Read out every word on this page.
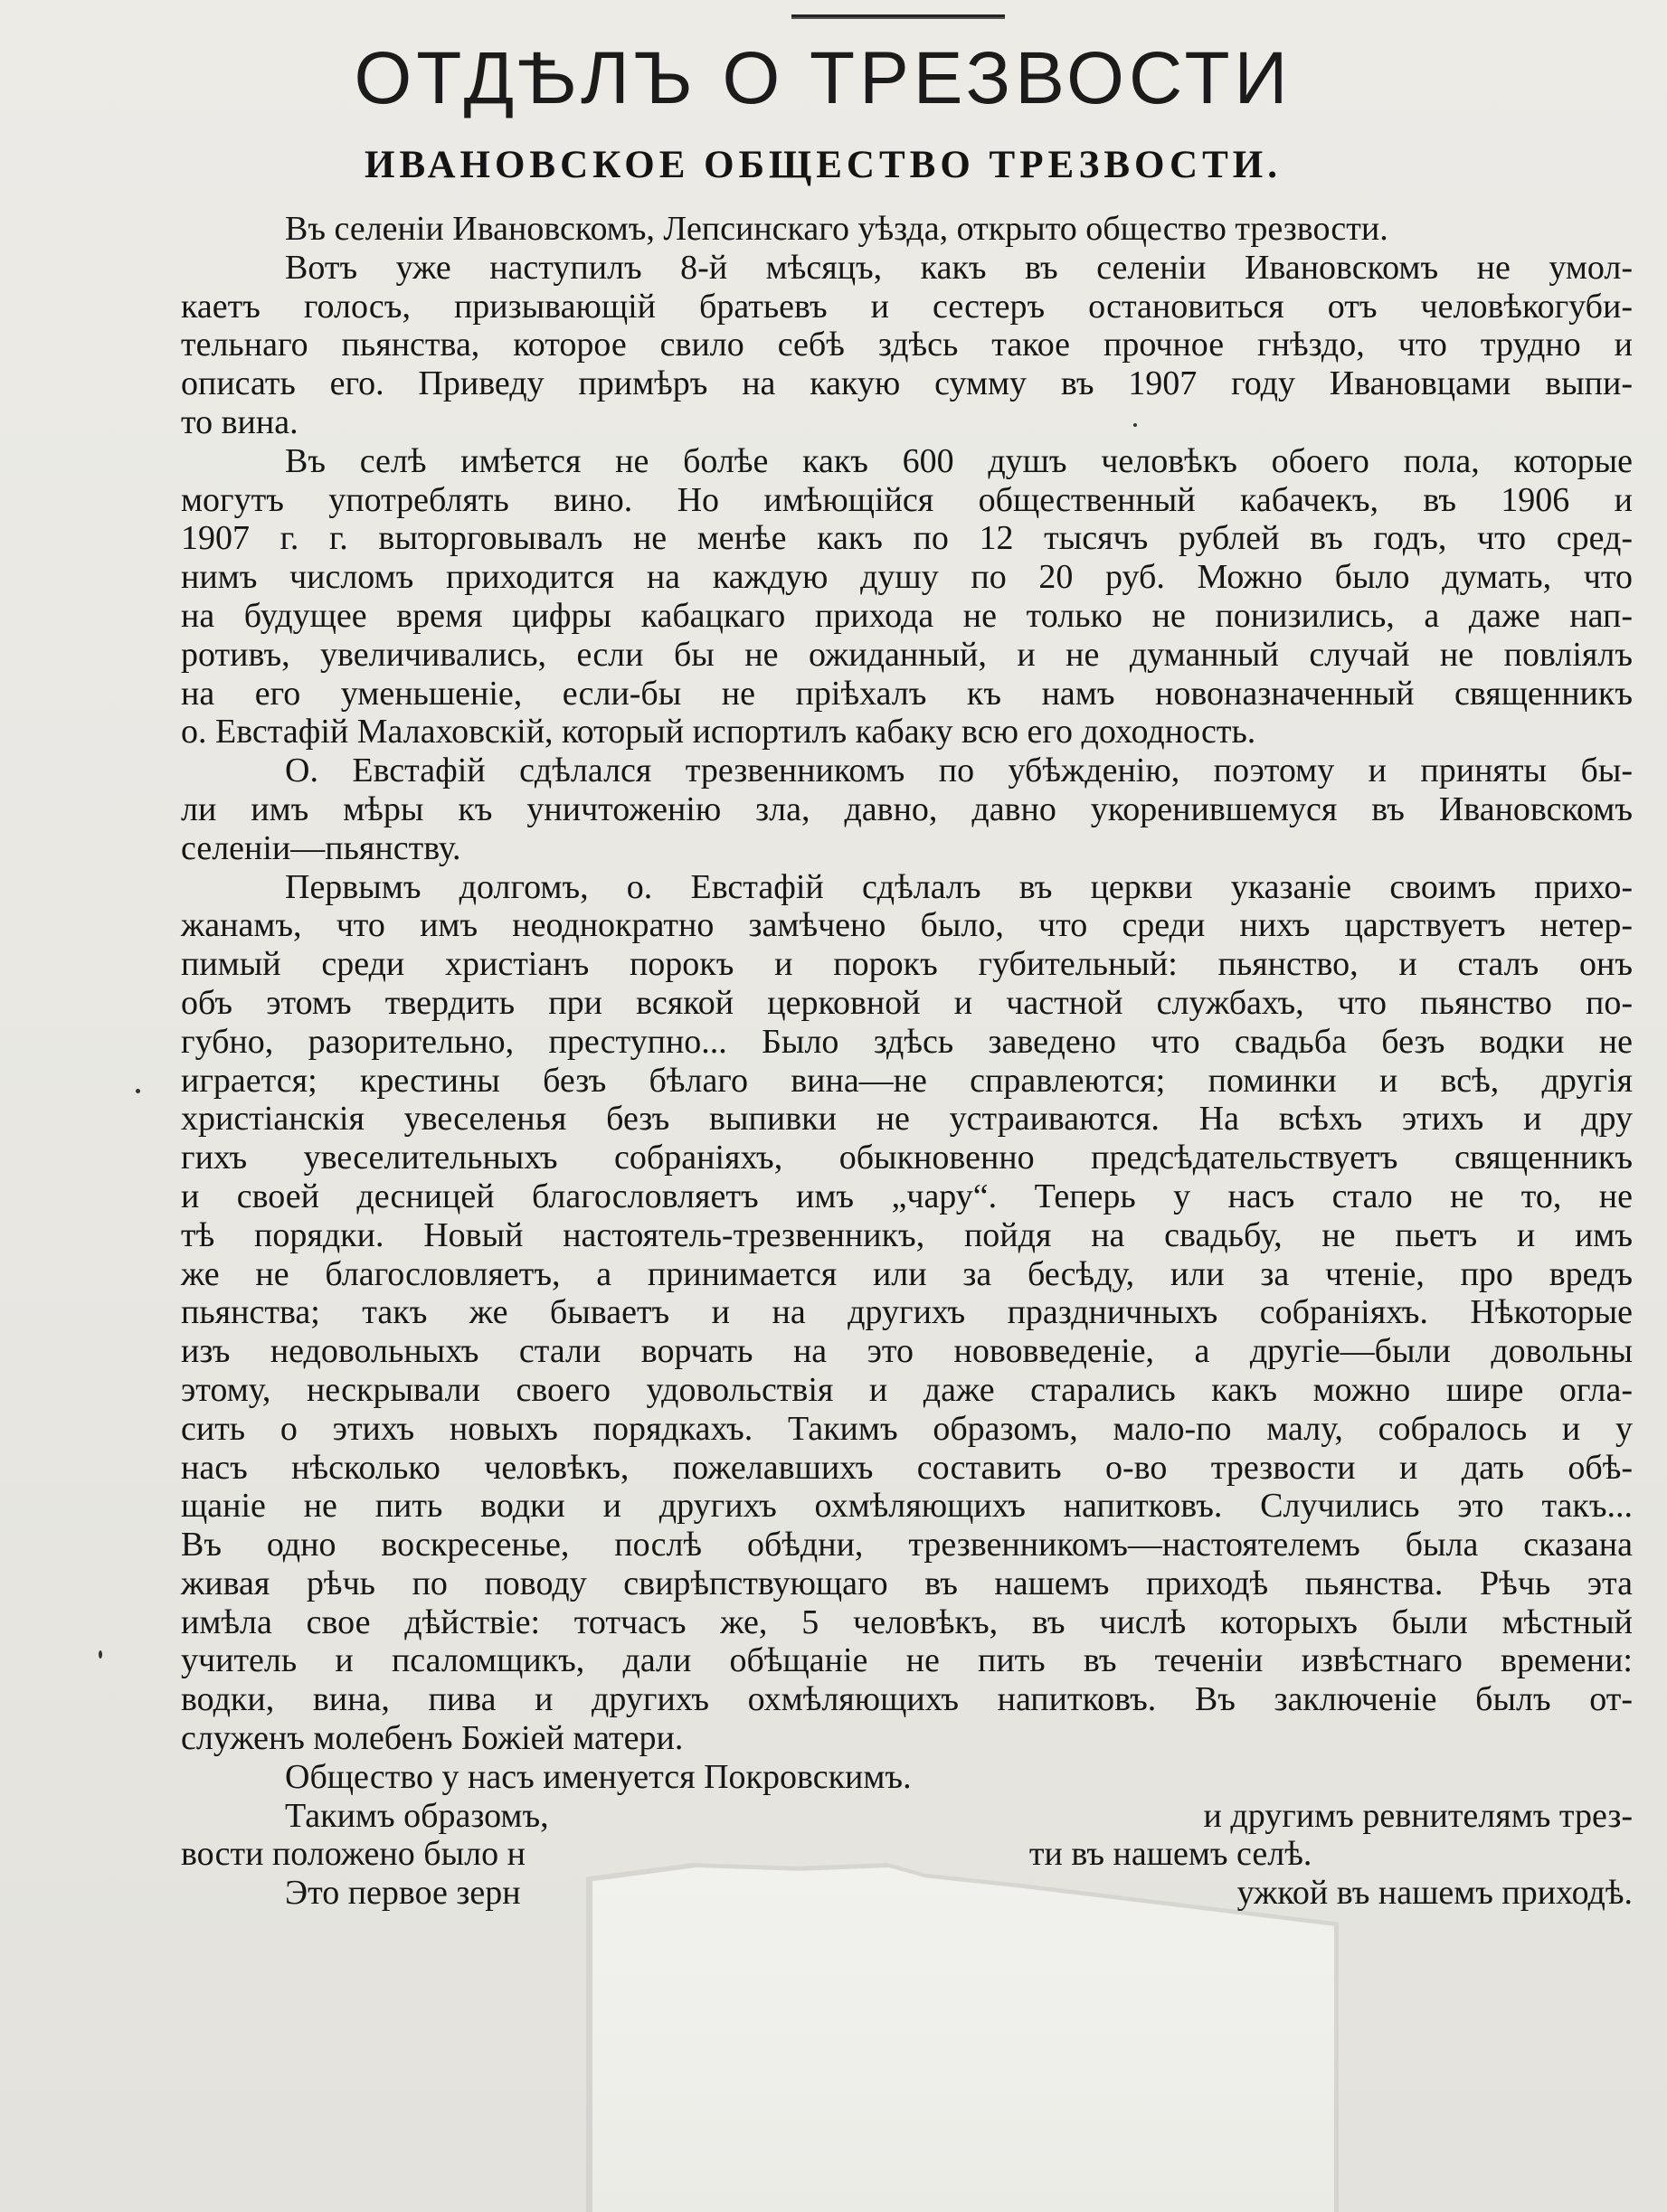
ОТДѢЛЪ О ТРЕЗВОСТИ
ИВАНОВСКОЕ ОБЩЕСТВО ТРЕЗВОСТИ.
Въ селеніи Ивановскомъ, Лепсинскаго уѣзда, открыто общество трезвости.
Вотъ уже наступилъ 8-й мѣсяцъ, какъ въ селеніи Ивановскомъ не умол-
каетъ голосъ, призывающій братьевъ и сестеръ остановиться отъ человѣкогуби-
тельнаго пьянства, которое свило себѣ здѣсь такое прочное гнѣздо, что трудно и
описать его. Приведу примѣръ на какую сумму въ 1907 году Ивановцами выпи-
то вина.
Въ селѣ имѣется не болѣе какъ 600 душъ человѣкъ обоего пола, которые
могутъ употреблять вино. Но имѣющійся общественный кабачекъ, въ 1906 и
1907 г. г. выторговывалъ не менѣе какъ по 12 тысячъ рублей въ годъ, что сред-
нимъ числомъ приходится на каждую душу по 20 руб. Можно было думать, что
на будущее время цифры кабацкаго прихода не только не понизились, а даже нап-
ротивъ, увеличивались, если бы не ожиданный, и не думанный случай не повліялъ
на его уменьшеніе, если-бы не пріѣхалъ къ намъ новоназначенный священникъ
о. Евстафій Малаховскій, который испортилъ кабаку всю его доходность.
О. Евстафій сдѣлался трезвенникомъ по убѣжденію, поэтому и приняты бы-
ли имъ мѣры къ уничтоженію зла, давно, давно укоренившемуся въ Ивановскомъ
селеніи—пьянству.
Первымъ долгомъ, о. Евстафій сдѣлалъ въ церкви указаніе своимъ прихо-
жанамъ, что имъ неоднократно замѣчено было, что среди нихъ царствуетъ нетер-
пимый среди христіанъ порокъ и порокъ губительный: пьянство, и сталъ онъ
объ этомъ твердить при всякой церковной и частной службахъ, что пьянство по-
губно, разорительно, преступно... Было здѣсь заведено что свадьба безъ водки не
играется; крестины безъ бѣлаго вина—не справлеются; поминки и всѣ, другія
христіанскія увеселенья безъ выпивки не устраиваются. На всѣхъ этихъ и дру
гихъ увеселительныхъ собраніяхъ, обыкновенно предсѣдательствуетъ священникъ
и своей десницей благословляетъ имъ „чару“. Теперь у насъ стало не то, не
тѣ порядки. Новый настоятель-трезвенникъ, пойдя на свадьбу, не пьетъ и имъ
же не благословляетъ, а принимается или за бесѣду, или за чтеніе, про вредъ
пьянства; такъ же бываетъ и на другихъ праздничныхъ собраніяхъ. Нѣкоторые
изъ недовольныхъ стали ворчать на это нововведеніе, а другіе—были довольны
этому, нескрывали своего удовольствія и даже старались какъ можно шире огла-
сить о этихъ новыхъ порядкахъ. Такимъ образомъ, мало-по малу, собралось и у
насъ нѣсколько человѣкъ, пожелавшихъ составить о-во трезвости и дать обѣ-
щаніе не пить водки и другихъ охмѣляющихъ напитковъ. Случились это такъ...
Въ одно воскресенье, послѣ обѣдни, трезвенникомъ—настоятелемъ была сказана
живая рѣчь по поводу свирѣпствующаго въ нашемъ приходѣ пьянства. Рѣчь эта
имѣла свое дѣйствіе: тотчасъ же, 5 человѣкъ, въ числѣ которыхъ были мѣстный
учитель и псаломщикъ, дали обѣщаніе не пить въ теченіи извѣстнаго времени:
водки, вина, пива и другихъ охмѣляющихъ напитковъ. Въ заключеніе былъ от-
служенъ молебенъ Божіей матери.
Общество у насъ именуется Покровскимъ.
Такимъ образомъ,	и другимъ ревнителямъ трез-
вости положено было н	ти въ нашемъ селѣ.
Это первое зерн	ужкой въ нашемъ приходѣ.
